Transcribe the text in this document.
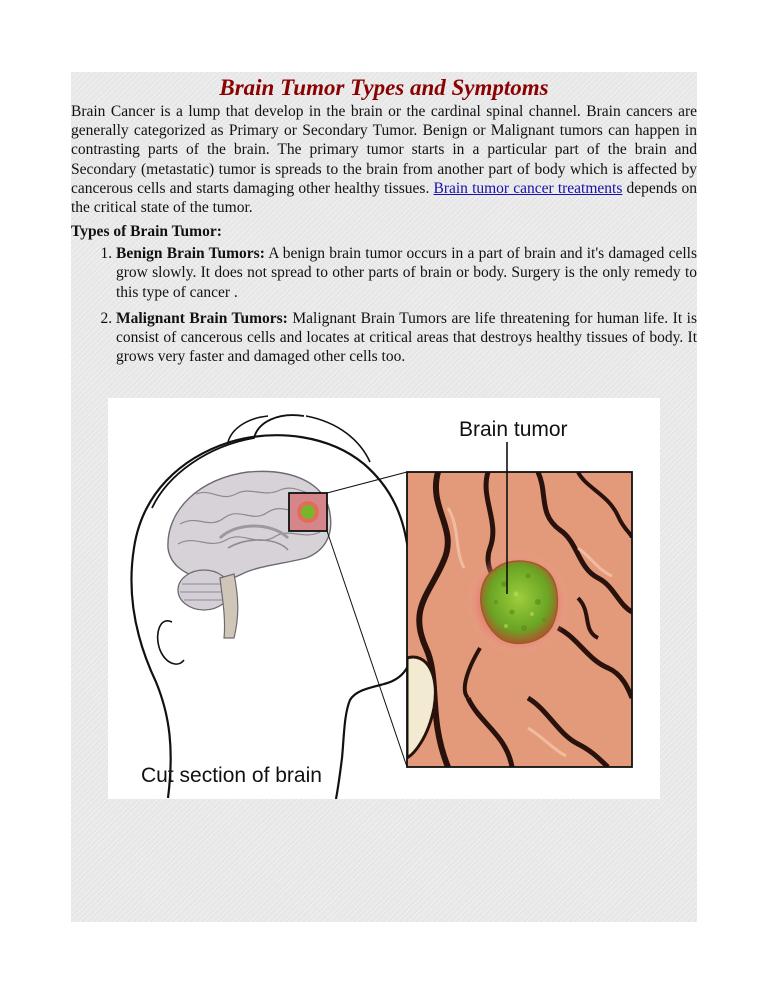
Brain Tumor Types and Symptoms

Brain Cancer is a lump that develop in the brain or the cardinal spinal channel. Brain cancers are generally categorized as Primary or Secondary Tumor. Benign or Malignant tumors can happen in contrasting parts of the brain. The primary tumor starts in a particular part of the brain and Secondary (metastatic) tumor is spreads to the brain from another part of body which is affected by cancerous cells and starts damaging other healthy tissues. Brain tumor cancer treatments depends on the critical state of the tumor.

Types of Brain Tumor:
1. Benign Brain Tumors: A benign brain tumor occurs in a part of brain and it's damaged cells grow slowly. It does not spread to other parts of brain or body. Surgery is the only remedy to this type of cancer .
2. Malignant Brain Tumors: Malignant Brain Tumors are life threatening for human life. It is consist of cancerous cells and locates at critical areas that destroys healthy tissues of body. It grows very faster and damaged other cells too.
Brain tumor
Cut section of brain
